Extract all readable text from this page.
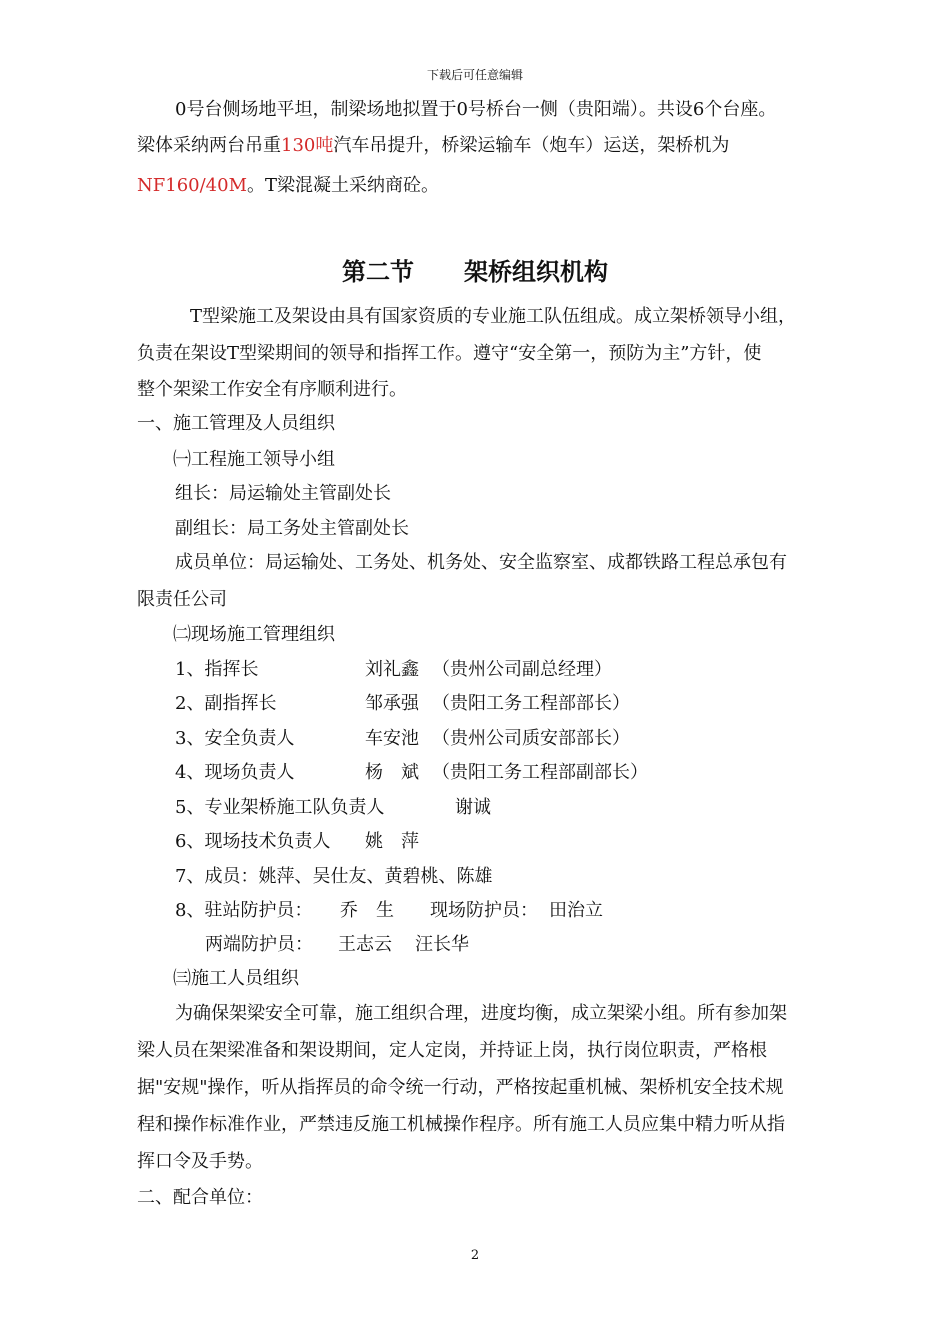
下载后可任意编辑
0号台侧场地平坦，制梁场地拟置于0号桥台一侧（贵阳端）。共设6个台座。
梁体采纳两台吊重130吨汽车吊提升，桥梁运输车（炮车）运送，架桥机为
NF160/40M。T梁混凝土采纳商砼。
第二节 架桥组织机构
T型梁施工及架设由具有国家资质的专业施工队伍组成。成立架桥领导小组，
负责在架设T型梁期间的领导和指挥工作。遵守“安全第一，预防为主”方针，使
整个架梁工作安全有序顺利进行。
一、施工管理及人员组织
㈠工程施工领导小组
组长：局运输处主管副处长
副组长：局工务处主管副处长
成员单位：局运输处、工务处、机务处、安全监察室、成都铁路工程总承包有
限责任公司
㈡现场施工管理组织
1、指挥长	刘礼鑫 （贵州公司副总经理）
2、副指挥长	邹承强 （贵阳工务工程部部长）
3、安全负责人	车安池 （贵州公司质安部部长）
4、现场负责人	杨　斌 （贵阳工务工程部副部长）
5、专业架桥施工队负责人	谢诚
6、现场技术负责人 姚　萍
7、成员：姚萍、吴仕友、黄碧桃、陈雄
8、驻站防护员： 乔　生 现场防护员： 田治立
两端防护员： 王志云 汪长华
㈢施工人员组织
为确保架梁安全可靠，施工组织合理，进度均衡，成立架梁小组。所有参加架
梁人员在架梁准备和架设期间，定人定岗，并持证上岗，执行岗位职责，严格根
据"安规"操作，听从指挥员的命令统一行动，严格按起重机械、架桥机安全技术规
程和操作标准作业，严禁违反施工机械操作程序。所有施工人员应集中精力听从指
挥口令及手势。
二、配合单位：
2
